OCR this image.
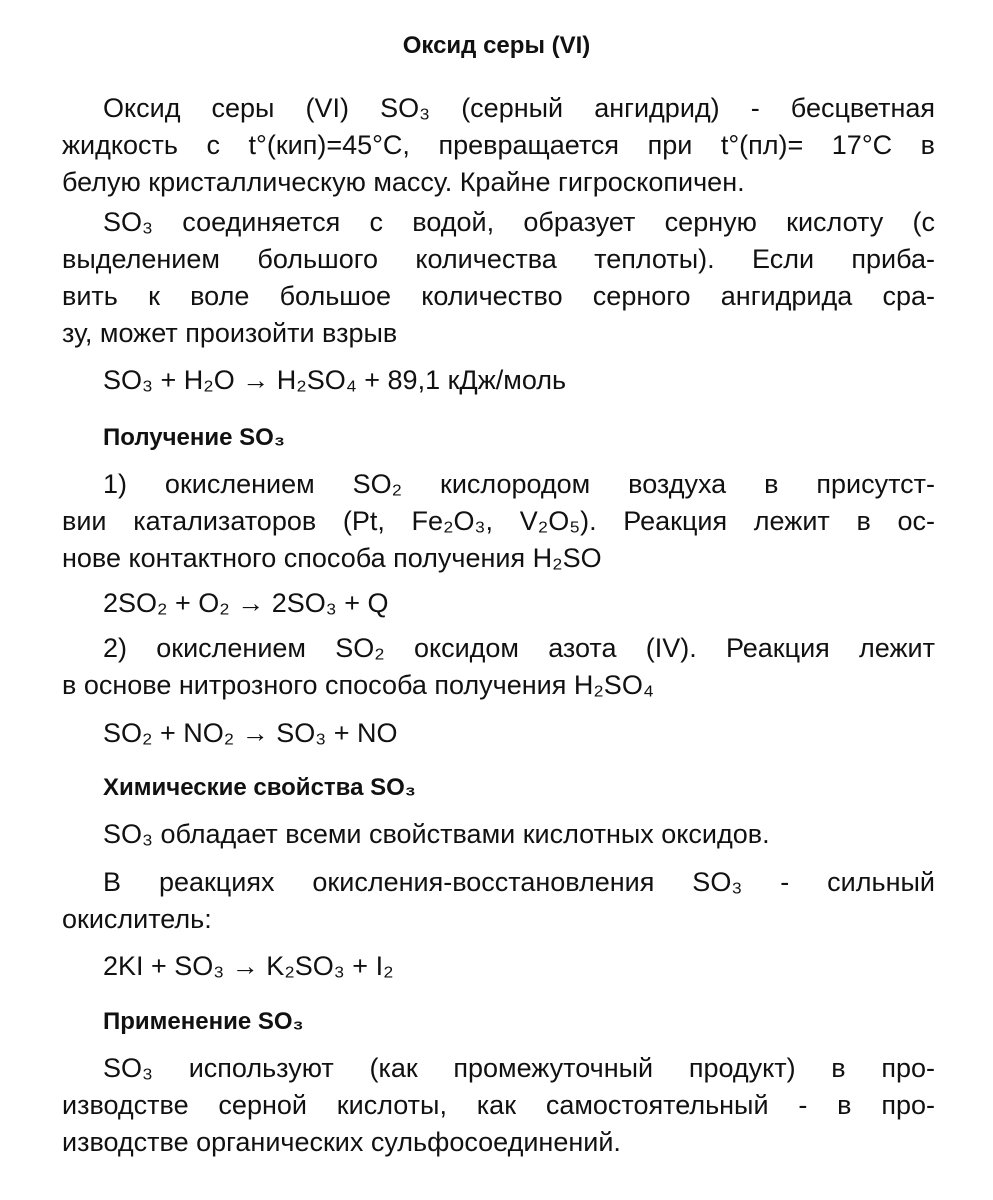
Оксид серы (VI)
Оксид серы (VI) SO₃ (серный ангидрид) - бесцветная
жидкость с t°(кип)=45°C, превращается при t°(пл)= 17°C в
белую кристаллическую массу. Крайне гигроскопичен.
SO₃ соединяется с водой, образует серную кислоту (с
выделением большого количества теплоты). Если приба-
вить к воле большое количество серного ангидрида сра-
зу, может произойти взрыв
SO₃ + H₂O → H₂SO₄ + 89,1 кДж/моль
Получение SO₃
1) окислением SO₂ кислородом воздуха в присутст-
вии катализаторов (Pt, Fe₂O₃, V₂O₅). Реакция лежит в ос-
нове контактного способа получения H₂SO
2SO₂ + O₂ → 2SO₃ + Q
2) окислением SO₂ оксидом азота (IV). Реакция лежит
в основе нитрозного способа получения H₂SO₄
SO₂ + NO₂ → SO₃ + NO
Химические свойства SO₃
SO₃ обладает всеми свойствами кислотных оксидов.
В реакциях окисления-восстановления SO₃ - сильный
окислитель:
2KI + SO₃ → K₂SO₃ + I₂
Применение SO₃
SO₃ используют (как промежуточный продукт) в про-
изводстве серной кислоты, как самостоятельный - в про-
изводстве органических сульфосоединений.
